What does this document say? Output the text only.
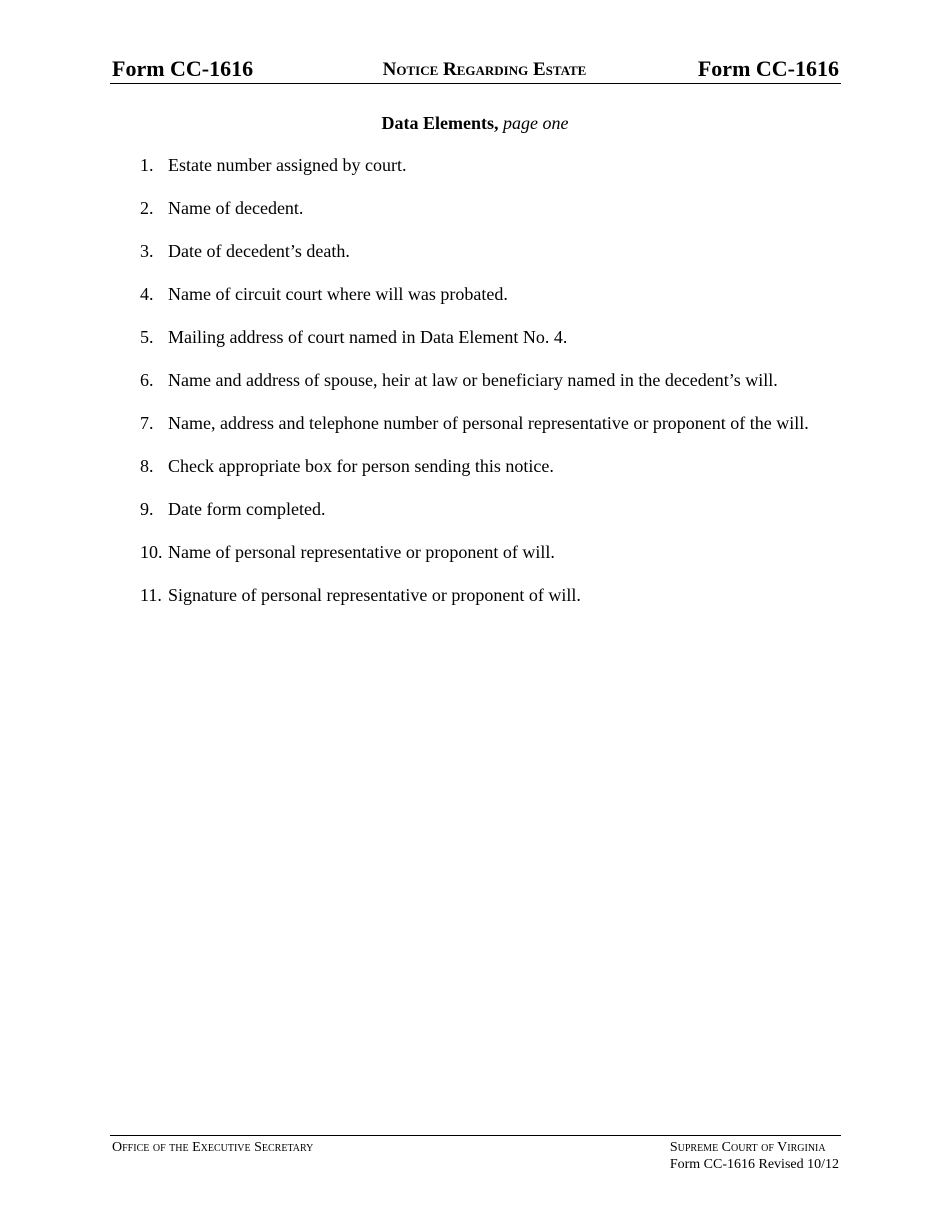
Form CC-1616	Notice Regarding Estate	Form CC-1616
Data Elements, page one
1. Estate number assigned by court.
2. Name of decedent.
3. Date of decedent’s death.
4. Name of circuit court where will was probated.
5. Mailing address of court named in Data Element No. 4.
6. Name and address of spouse, heir at law or beneficiary named in the decedent’s will.
7. Name, address and telephone number of personal representative or proponent of the will.
8. Check appropriate box for person sending this notice.
9. Date form completed.
10. Name of personal representative or proponent of will.
11. Signature of personal representative or proponent of will.
Office of the Executive Secretary	Supreme Court of Virginia
Form CC-1616 Revised 10/12
